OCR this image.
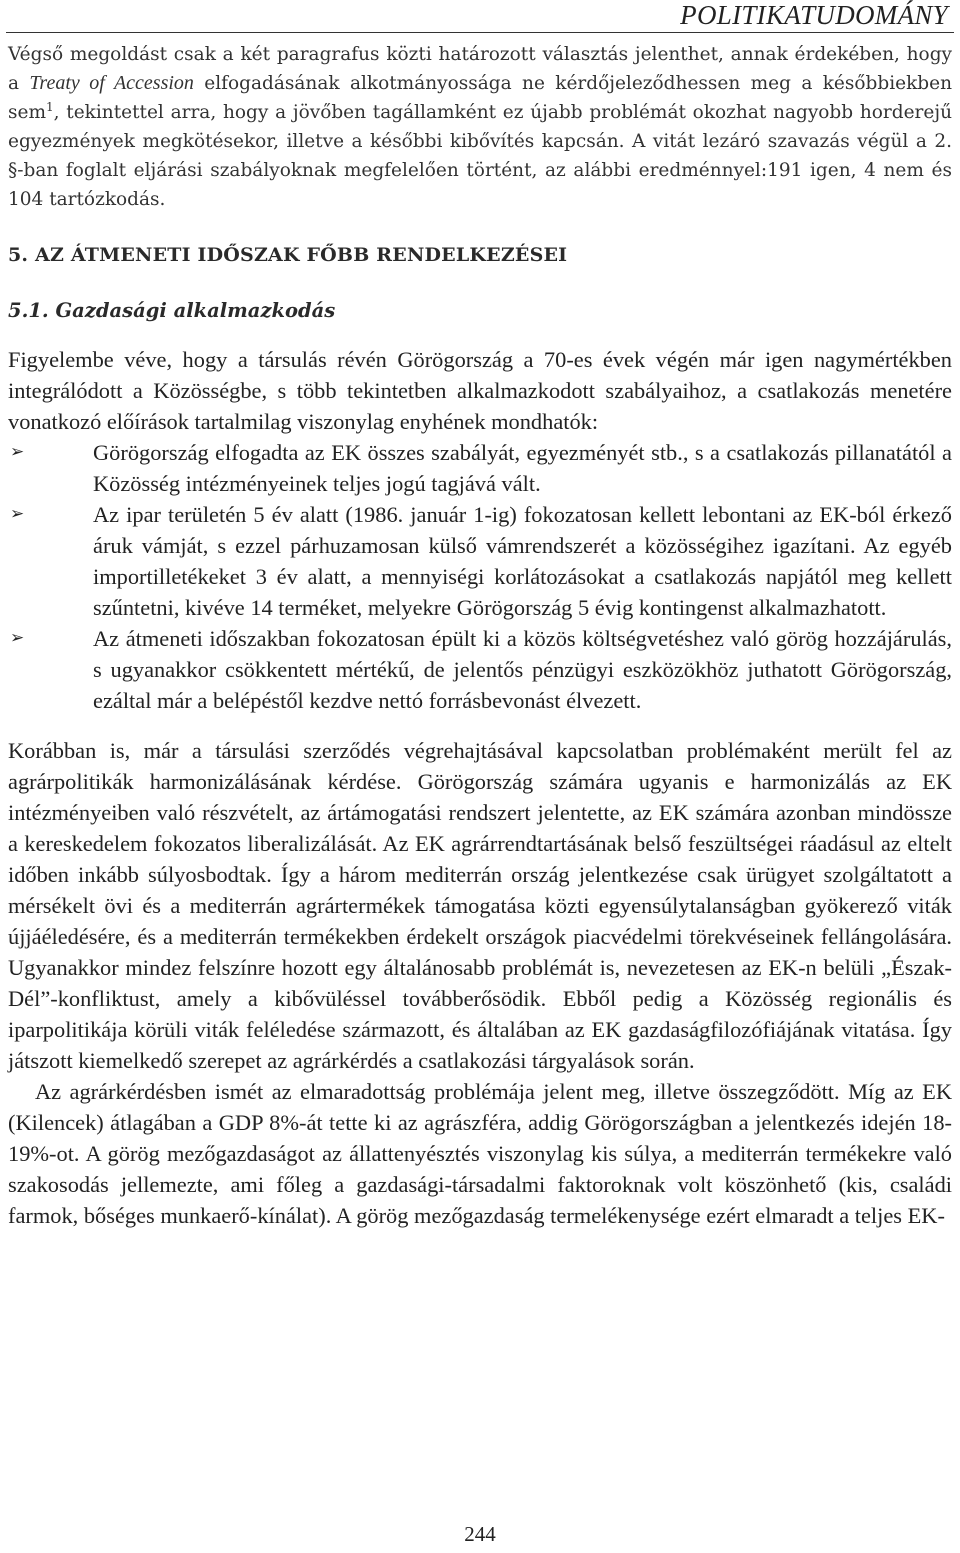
POLITIKATUDOMÁNY

Végső megoldást csak a két paragrafus közti határozott választás jelenthet, annak érdekében, hogy a Treaty of Accession elfogadásának alkotmányossága ne kérdőjeleződhessen meg a későbbiekben sem$^1$, tekintettel arra, hogy a jövőben tagállamként ez újabb problémát okozhat nagyobb horderejű egyezmények megkötésekor, illetve a későbbi kibővítés kapcsán. A vitát lezáró szavazás végül a 2. §-ban foglalt eljárási szabályoknak megfelelően történt, az alábbi eredménnyel:191 igen, 4 nem és 104 tartózkodás.

5. AZ ÁTMENETI IDŐSZAK FŐBB RENDELKEZÉSEI
5.1. Gazdasági alkalmazkodás

Figyelembe véve, hogy a társulás révén Görögország a 70-es évek végén már igen nagymértékben integrálódott a Közösségbe, s több tekintetben alkalmazkodott szabályaihoz, a csatlakozás menetére vonatkozó előírások tartalmilag viszonylag enyhének mondhatók:

➢	Görögország elfogadta az EK összes szabályát, egyezményét stb., s a csatlakozás pillanatától a Közösség intézményeinek teljes jogú tagjává vált.
➢	Az ipar területén 5 év alatt (1986. január 1-ig) fokozatosan kellett lebontani az EK-ból érkező áruk vámját, s ezzel párhuzamosan külső vámrendszerét a közösségihez igazítani. Az egyéb importilletékeket 3 év alatt, a mennyiségi korlátozásokat a csatlakozás napjától meg kellett szűntetni, kivéve 14 terméket, melyekre Görögország 5 évig kontingenst alkalmazhatott.
➢	Az átmeneti időszakban fokozatosan épült ki a közös költségvetéshez való görög hozzájárulás, s ugyanakkor csökkentett mértékű, de jelentős pénzügyi eszközökhöz juthatott Görögország, ezáltal már a belépéstől kezdve nettó forrásbevonást élvezett.

Korábban is, már a társulási szerződés végrehajtásával kapcsolatban problémaként merült fel az agrárpolitikák harmonizálásának kérdése. Görögország számára ugyanis e harmonizálás az EK intézményeiben való részvételt, az ártámogatási rendszert jelentette, az EK számára azonban mindössze a kereskedelem fokozatos liberalizálását. Az EK agrárrendtartásának belső feszültségei ráadásul az eltelt időben inkább súlyosbodtak. Így a három mediterrán ország jelentkezése csak ürügyet szolgáltatott a mérsékelt övi és a mediterrán agrártermékek támogatása közti egyensúlytalanságban gyökerező viták újjáéledésére, és a mediterrán termékekben érdekelt országok piacvédelmi törekvéseinek fellángolására. Ugyanakkor mindez felszínre hozott egy általánosabb problémát is, nevezetesen az EK-n belüli „Észak-Dél”-konfliktust, amely a kibővüléssel továbberősödik. Ebből pedig a Közösség regionális és iparpolitikája körüli viták feléledése származott, és általában az EK gazdaságfilozófiájának vitatása. Így játszott kiemelkedő szerepet az agrárkérdés a csatlakozási tárgyalások során.

Az agrárkérdésben ismét az elmaradottság problémája jelent meg, illetve összegződött. Míg az EK (Kilencek) átlagában a GDP 8%-át tette ki az agrászféra, addig Görögországban a jelentkezés idején 18-19%-ot. A görög mezőgazdaságot az állattenyésztés viszonylag kis súlya, a mediterrán termékekre való szakosodás jellemezte, ami főleg a gazdasági-társadalmi faktoroknak volt köszönhető (kis, családi farmok, bőséges munkaerő-kínálat). A görög mezőgazdaság termelékenysége ezért elmaradt a teljes EK-

244
